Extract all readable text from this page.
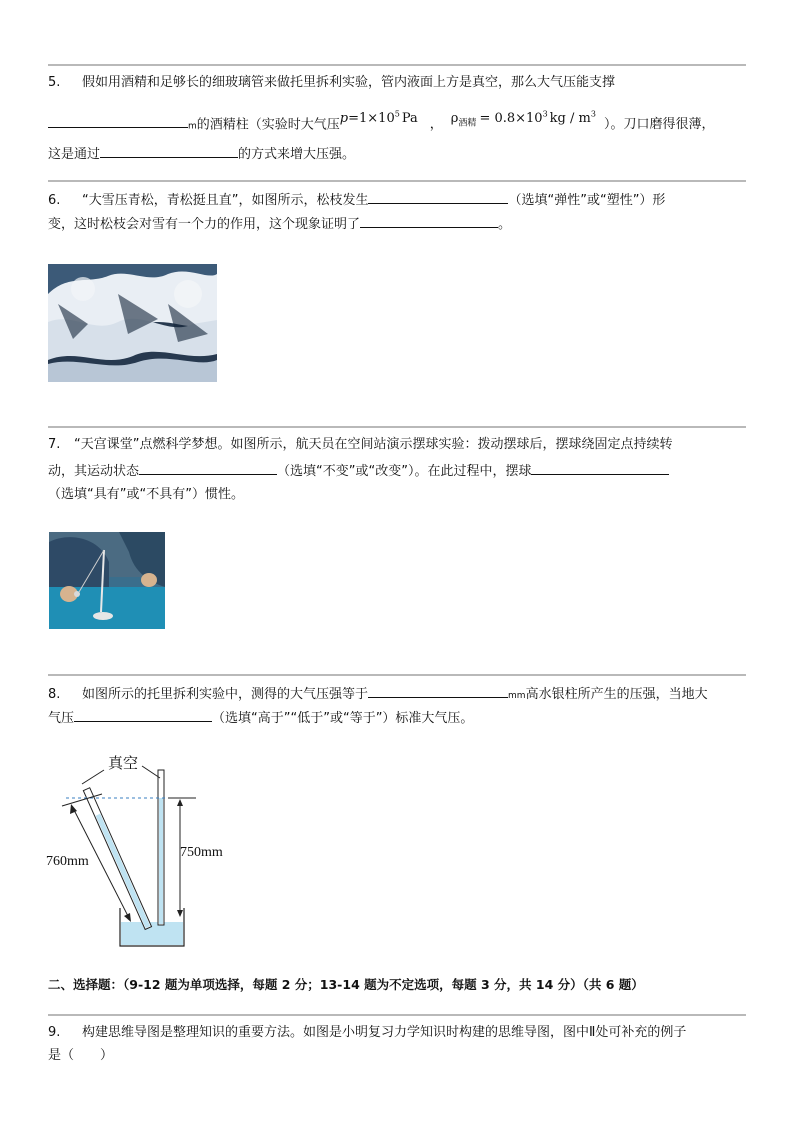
5. 假如用酒精和足够长的细玻璃管来做托里拆利实验，管内液面上方是真空，那么大气压能支撑
m的酒精柱（实验时大气压$p=1\times 10^5$ Pa ， $\rho_{酒精} = 0.8\times 10^3$ kg / $m^3$）。刀口磨得很薄，
这是通过	的方式来增大压强。
6. “大雪压青松，青松挺且直”，如图所示，松枝发生	（选填“弹性”或“塑性”）形
变，这时松枝会对雪有一个力的作用，这个现象证明了	。
7. “天宫课堂”点燃科学梦想。如图所示，航天员在空间站演示摆球实验：拨动摆球后，摆球绕固定点持续转
动，其运动状态	（选填“不变”或“改变”）。在此过程中，摆球
（选填“具有”或“不具有”）惯性。
8. 如图所示的托里拆利实验中，测得的大气压强等于	mm高水银柱所产生的压强，当地大
气压	（选填“高于”“低于”或“等于”）标准大气压。
真空
760mm
750mm
二、选择题：（9-12 题为单项选择，每题 2 分；13-14 题为不定选项，每题 3 分，共 14 分）（共 6 题）
9. 构建思维导图是整理知识的重要方法。如图是小明复习力学知识时构建的思维导图，图中Ⅱ处可补充的例子
是（　　）
